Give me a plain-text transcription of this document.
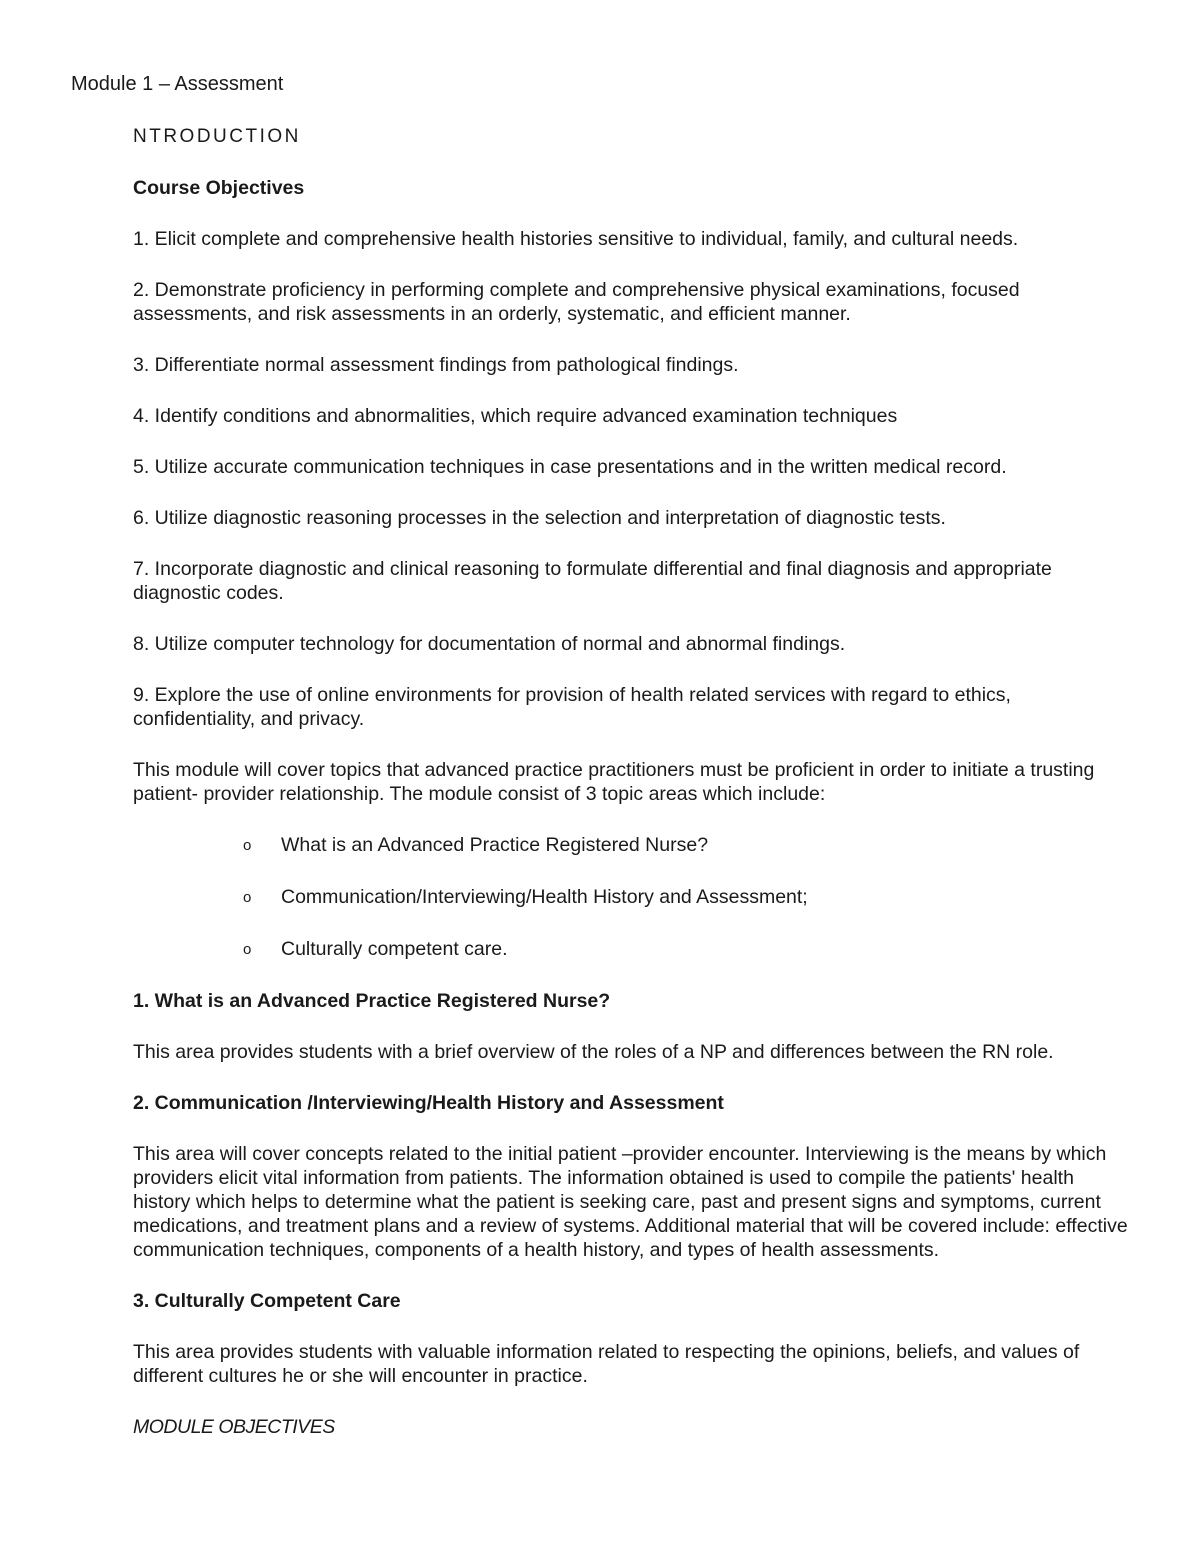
Module 1 – Assessment

NTRODUCTION

Course Objectives

1. Elicit complete and comprehensive health histories sensitive to individual, family, and cultural needs.
2. Demonstrate proficiency in performing complete and comprehensive physical examinations, focused assessments, and risk assessments in an orderly, systematic, and efficient manner.
3. Differentiate normal assessment findings from pathological findings.
4. Identify conditions and abnormalities, which require advanced examination techniques
5. Utilize accurate communication techniques in case presentations and in the written medical record.
6. Utilize diagnostic reasoning processes in the selection and interpretation of diagnostic tests.
7. Incorporate diagnostic and clinical reasoning to formulate differential and final diagnosis and appropriate diagnostic codes.
8. Utilize computer technology for documentation of normal and abnormal findings.
9. Explore the use of online environments for provision of health related services with regard to ethics, confidentiality, and privacy.

This module will cover topics that advanced practice practitioners must be proficient in order to initiate a trusting patient- provider relationship. The module consist of 3 topic areas which include:

o What is an Advanced Practice Registered Nurse?
o Communication/Interviewing/Health History and Assessment;
o Culturally competent care.

1. What is an Advanced Practice Registered Nurse?

This area provides students with a brief overview of the roles of a NP and differences between the RN role.

2. Communication /Interviewing/Health History and Assessment

This area will cover concepts related to the initial patient –provider encounter. Interviewing is the means by which providers elicit vital information from patients. The information obtained is used to compile the patients' health history which helps to determine what the patient is seeking care, past and present signs and symptoms, current medications, and treatment plans and a review of systems. Additional material that will be covered include: effective communication techniques, components of a health history, and types of health assessments.

3. Culturally Competent Care

This area provides students with valuable information related to respecting the opinions, beliefs, and values of different cultures he or she will encounter in practice.

MODULE OBJECTIVES
